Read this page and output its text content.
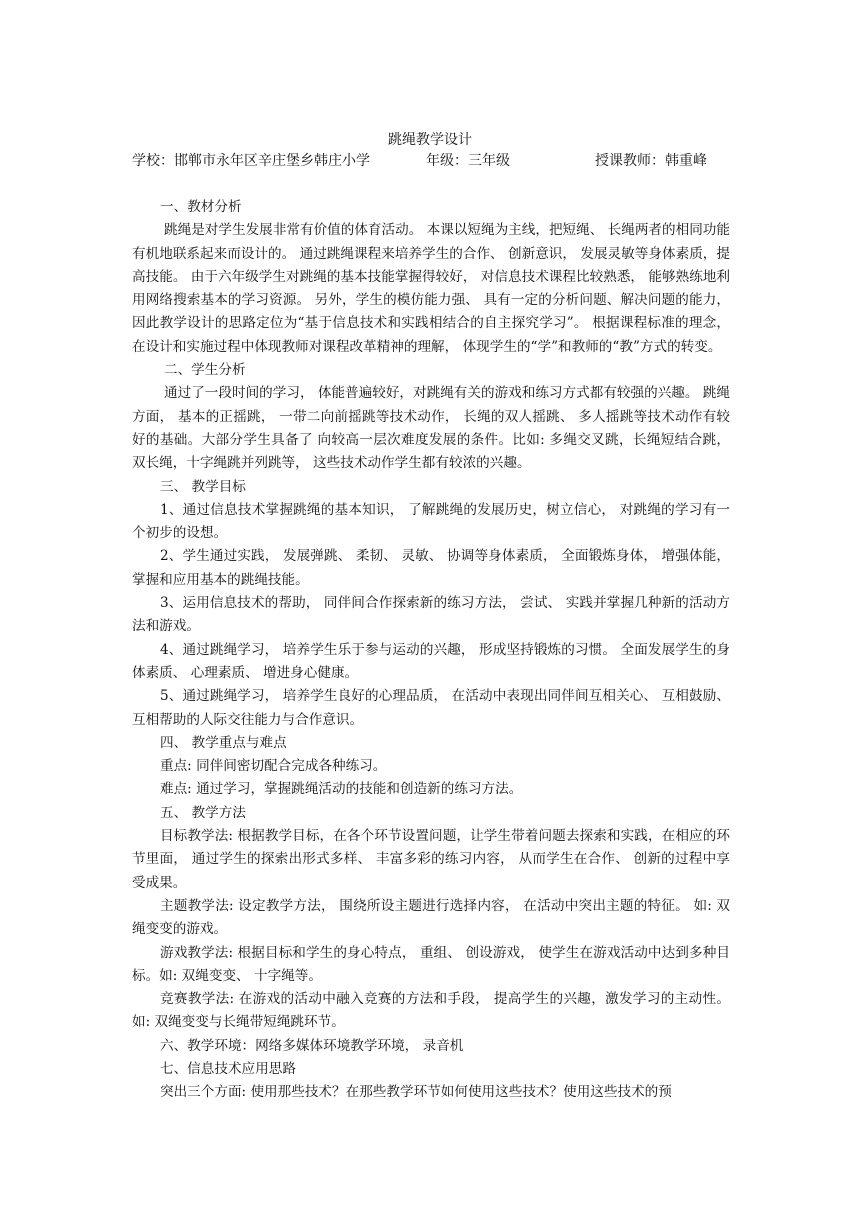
跳绳教学设计
学校：邯郸市永年区辛庄堡乡韩庄小学	年级：三年级	授课教师：韩重峰

一、教材分析

跳绳是对学生发展非常有价值的体育活动。 本课以短绳为主线，把短绳、 长绳两者的相同功能有机地联系起来而设计的。 通过跳绳课程来培养学生的合作、 创新意识， 发展灵敏等身体素质，提高技能。 由于六年级学生对跳绳的基本技能掌握得较好， 对信息技术课程比较熟悉， 能够熟练地利用网络搜索基本的学习资源。 另外，学生的模仿能力强、 具有一定的分析问题、解决问题的能力， 因此教学设计的思路定位为“基于信息技术和实践相结合的自主探究学习”。 根据课程标准的理念，在设计和实施过程中体现教师对课程改革精神的理解， 体现学生的“学”和教师的“教”方式的转变。

二、学生分析

通过了一段时间的学习， 体能普遍较好，对跳绳有关的游戏和练习方式都有较强的兴趣。 跳绳方面， 基本的正摇跳， 一带二向前摇跳等技术动作， 长绳的双人摇跳、 多人摇跳等技术动作有较好的基础。大部分学生具备了 向较高一层次难度发展的条件。比如: 多绳交叉跳，长绳短结合跳， 双长绳，十字绳跳并列跳等， 这些技术动作学生都有较浓的兴趣。

三、 教学目标

1、通过信息技术掌握跳绳的基本知识， 了解跳绳的发展历史，树立信心， 对跳绳的学习有一个初步的设想。

2、学生通过实践， 发展弹跳、 柔韧、 灵敏、 协调等身体素质， 全面锻炼身体， 增强体能， 掌握和应用基本的跳绳技能。

3、运用信息技术的帮助， 同伴间合作探索新的练习方法， 尝试、 实践并掌握几种新的活动方法和游戏。

4、通过跳绳学习， 培养学生乐于参与运动的兴趣， 形成坚持锻炼的习惯。 全面发展学生的身体素质、 心理素质、 增进身心健康。

5、通过跳绳学习， 培养学生良好的心理品质， 在活动中表现出同伴间互相关心、 互相鼓励、 互相帮助的人际交往能力与合作意识。

四、 教学重点与难点

重点: 同伴间密切配合完成各种练习。

难点: 通过学习，掌握跳绳活动的技能和创造新的练习方法。

五、 教学方法

目标教学法: 根据教学目标，在各个环节设置问题，让学生带着问题去探索和实践，在相应的环节里面， 通过学生的探索出形式多样、 丰富多彩的练习内容， 从而学生在合作、 创新的过程中享受成果。

主题教学法: 设定教学方法， 围绕所设主题进行选择内容， 在活动中突出主题的特征。 如: 双绳变变的游戏。

游戏教学法: 根据目标和学生的身心特点， 重组、 创设游戏， 使学生在游戏活动中达到多种目标。如: 双绳变变、 十字绳等。

竞赛教学法: 在游戏的活动中融入竞赛的方法和手段， 提高学生的兴趣，激发学习的主动性。 如: 双绳变变与长绳带短绳跳环节。

六、教学环境：网络多媒体环境教学环境， 录音机

七、信息技术应用思路

突出三个方面: 使用那些技术？在那些教学环节如何使用这些技术？使用这些技术的预
